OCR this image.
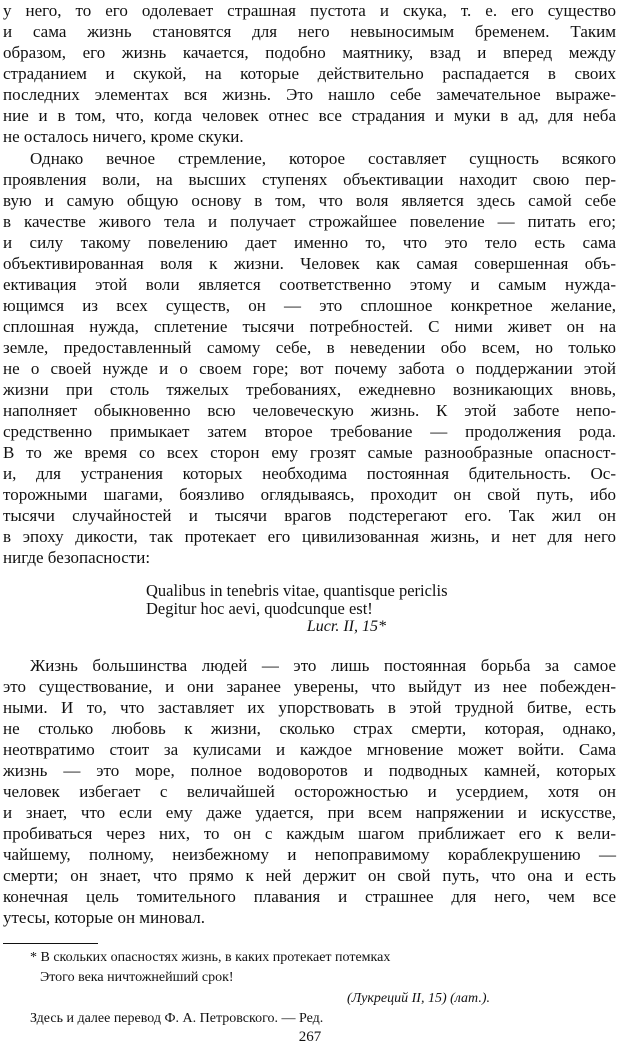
у него, то его одолевает страшная пустота и скука, т. е. его существо
и сама жизнь становятся для него невыносимым бременем. Таким
образом, его жизнь качается, подобно маятнику, взад и вперед между
страданием и скукой, на которые действительно распадается в своих
последних элементах вся жизнь. Это нашло себе замечательное выраже-
ние и в том, что, когда человек отнес все страдания и муки в ад, для неба
не осталось ничего, кроме скуки.
Однако вечное стремление, которое составляет сущность всякого
проявления воли, на высших ступенях объективации находит свою пер-
вую и самую общую основу в том, что воля является здесь самой себе
в качестве живого тела и получает строжайшее повеление — питать его;
и силу такому повелению дает именно то, что это тело есть сама
объективированная воля к жизни. Человек как самая совершенная объ-
ективация этой воли является соответственно этому и самым нужда-
ющимся из всех существ, он — это сплошное конкретное желание,
сплошная нужда, сплетение тысячи потребностей. С ними живет он на
земле, предоставленный самому себе, в неведении обо всем, но только
не о своей нужде и о своем горе; вот почему забота о поддержании этой
жизни при столь тяжелых требованиях, ежедневно возникающих вновь,
наполняет обыкновенно всю человеческую жизнь. К этой заботе непо-
средственно примыкает затем второе требование — продолжения рода.
В то же время со всех сторон ему грозят самые разнообразные опасност-
и, для устранения которых необходима постоянная бдительность. Ос-
торожными шагами, боязливо оглядываясь, проходит он свой путь, ибо
тысячи случайностей и тысячи врагов подстерегают его. Так жил он
в эпоху дикости, так протекает его цивилизованная жизнь, и нет для него
нигде безопасности:
Qualibus in tenebris vitae, quantisque periclis
Degitur hoc aevi, quodcunque est!
Lucr. II, 15*
Жизнь большинства людей — это лишь постоянная борьба за самое
это существование, и они заранее уверены, что выйдут из нее побежден-
ными. И то, что заставляет их упорствовать в этой трудной битве, есть
не столько любовь к жизни, сколько страх смерти, которая, однако,
неотвратимо стоит за кулисами и каждое мгновение может войти. Сама
жизнь — это море, полное водоворотов и подводных камней, которых
человек избегает с величайшей осторожностью и усердием, хотя он
и знает, что если ему даже удается, при всем напряжении и искусстве,
пробиваться через них, то он с каждым шагом приближает его к вели-
чайшему, полному, неизбежному и непоправимому кораблекрушению —
смерти; он знает, что прямо к ней держит он свой путь, что она и есть
конечная цель томительного плавания и страшнее для него, чем все
утесы, которые он миновал.
* В скольких опасностях жизнь, в каких протекает потемках
Этого века ничтожнейший срок!
(Лукреций II, 15) (лат.).
Здесь и далее перевод Ф. А. Петровского. — Ред.
267
